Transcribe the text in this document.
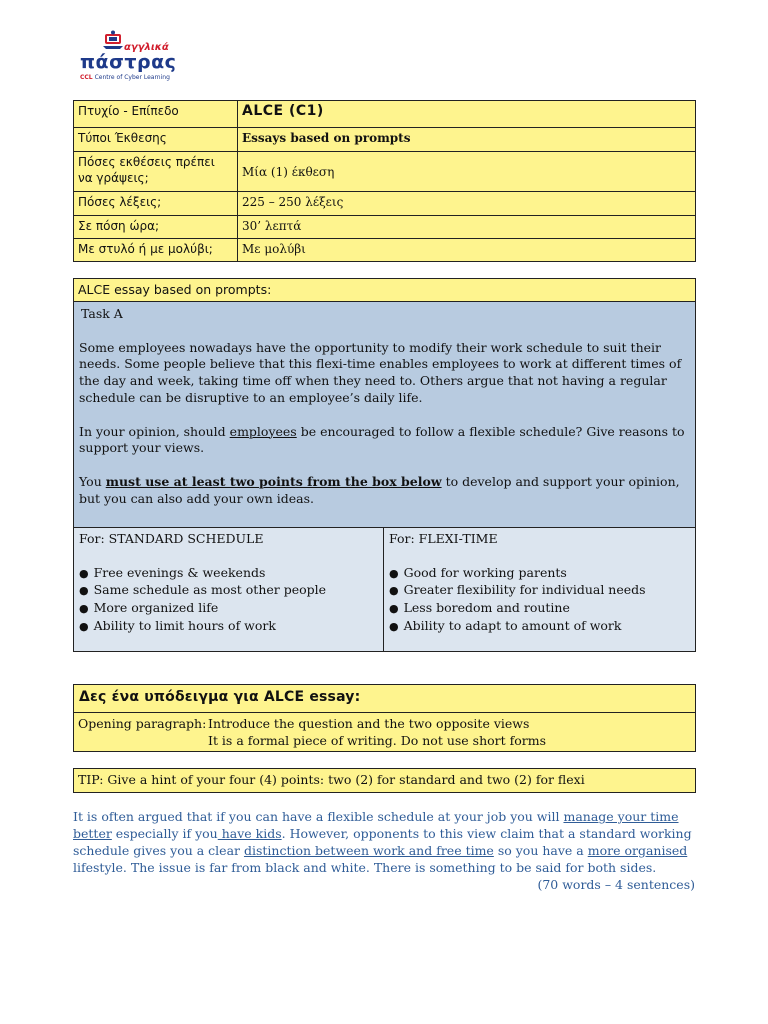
αγγλικά
πάστρας
CCL Centre of Cyber Learning
Πτυχίο - Επίπεδο	ALCE (C1)
Τύποι Έκθεσης	Essays based on prompts
Πόσες εκθέσεις πρέπει να γράψεις;	Μία (1) έκθεση
Πόσες λέξεις;	225 – 250 λέξεις
Σε πόση ώρα;	30’ λεπτά
Με στυλό ή με μολύβι;	Με μολύβι
ALCE essay based on prompts:
Task A

Some employees nowadays have the opportunity to modify their work schedule to suit their needs. Some people believe that this flexi-time enables employees to work at different times of the day and week, taking time off when they need to. Others argue that not having a regular schedule can be disruptive to an employee’s daily life.

In your opinion, should employees be encouraged to follow a flexible schedule? Give reasons to support your views.

You must use at least two points from the box below to develop and support your opinion, but you can also add your own ideas.

For: STANDARD SCHEDULE
● Free evenings & weekends
● Same schedule as most other people
● More organized life
● Ability to limit hours of work
For: FLEXI-TIME
● Good for working parents
● Greater flexibility for individual needs
● Less boredom and routine
● Ability to adapt to amount of work
Δες ένα υπόδειγμα για ALCE essay:
Opening paragraph: Introduce the question and the two opposite views
It is a formal piece of writing. Do not use short forms
TIP: Give a hint of your four (4) points: two (2) for standard and two (2) for flexi
It is often argued that if you can have a flexible schedule at your job you will manage your time better especially if you have kids. However, opponents to this view claim that a standard working schedule gives you a clear distinction between work and free time so you have a more organised lifestyle. The issue is far from black and white. There is something to be said for both sides.
(70 words – 4 sentences)
